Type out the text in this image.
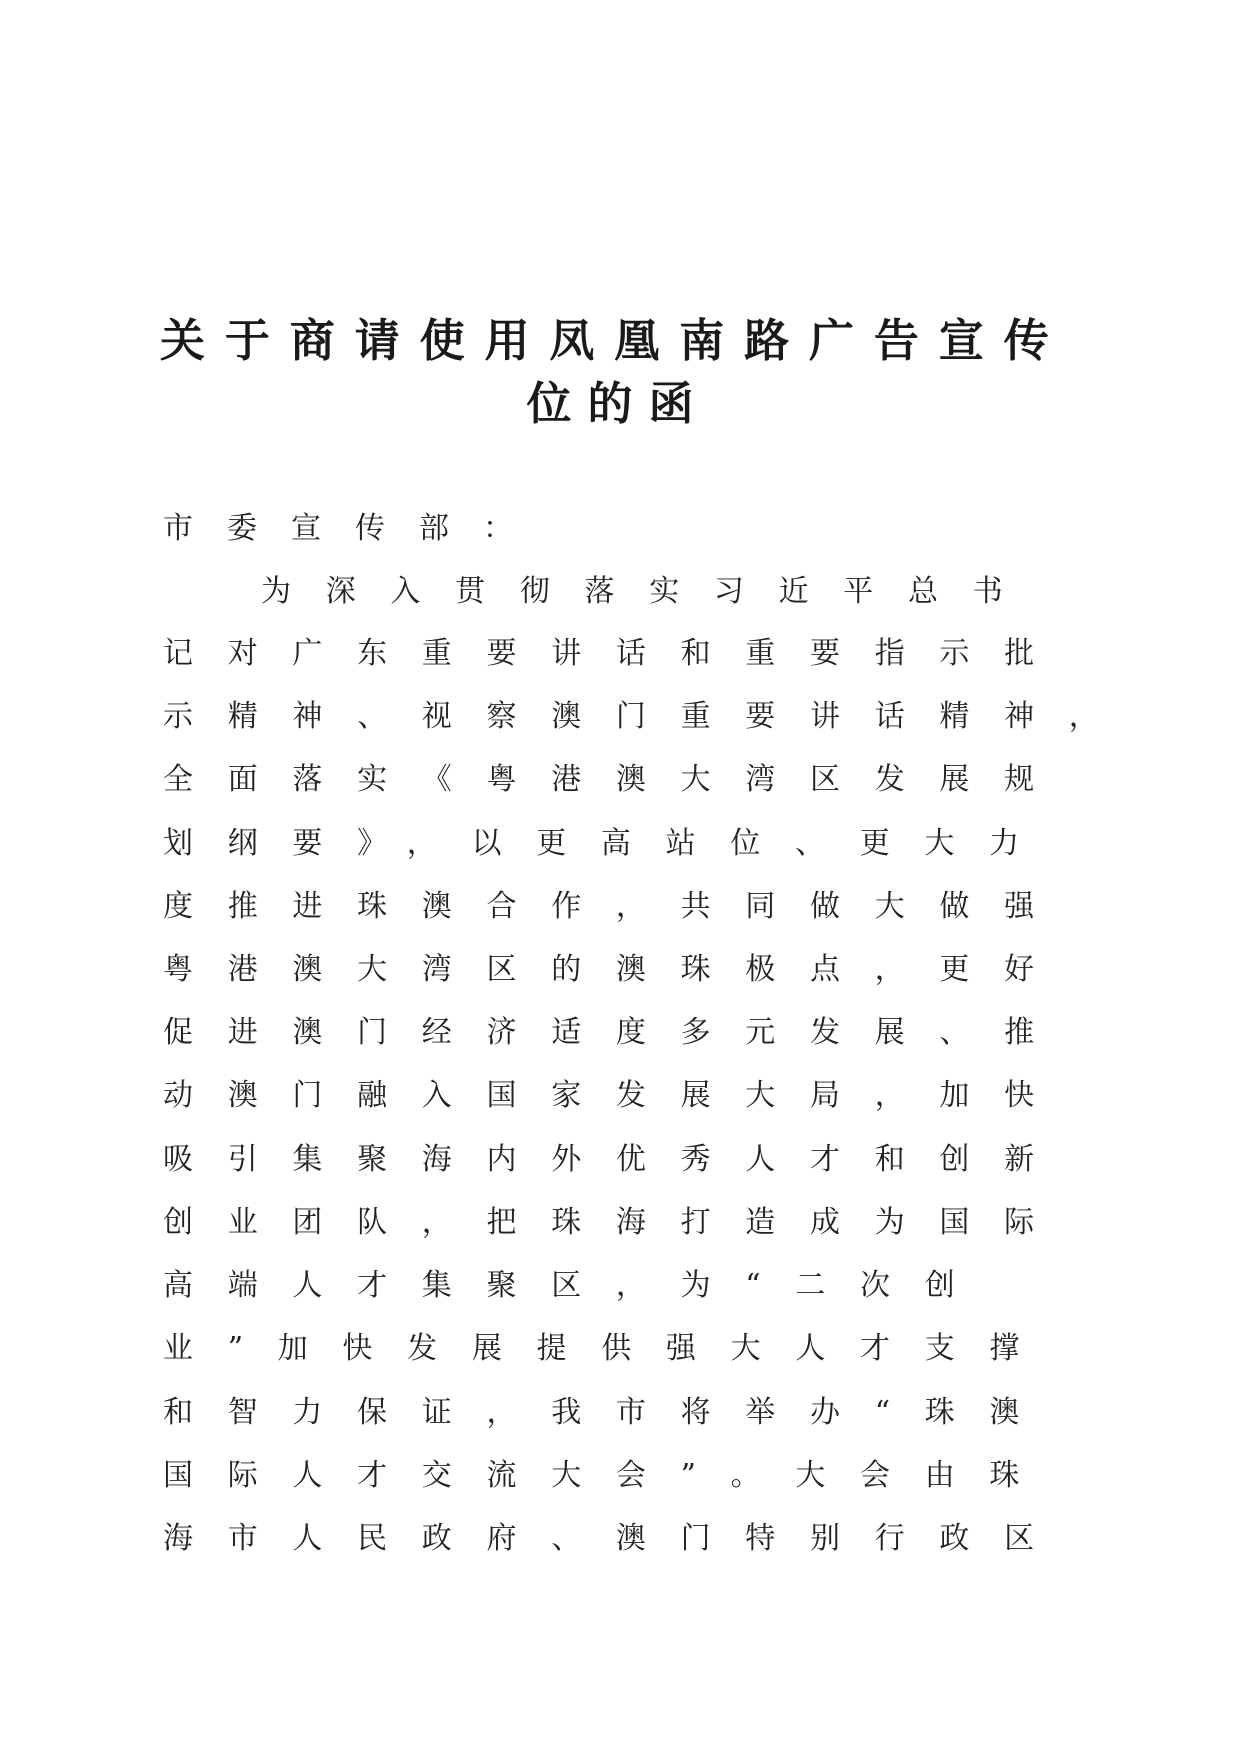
关于商请使用凤凰南路广告宣传
位的函

市委宣传部：

为深入贯彻落实习近平总书

记对广东重要讲话和重要指示批

示精神、视察澳门重要讲话精神，

全面落实《粤港澳大湾区发展规

划纲要》，以更高站位、更大力

度推进珠澳合作，共同做大做强

粤港澳大湾区的澳珠极点，更好

促进澳门经济适度多元发展、推

动澳门融入国家发展大局，加快

吸引集聚海内外优秀人才和创新

创业团队，把珠海打造成为国际

高端人才集聚区，为“二次创

业”加快发展提供强大人才支撑

和智力保证，我市将举办“珠澳

国际人才交流大会”。大会由珠

海市人民政府、澳门特别行政区
